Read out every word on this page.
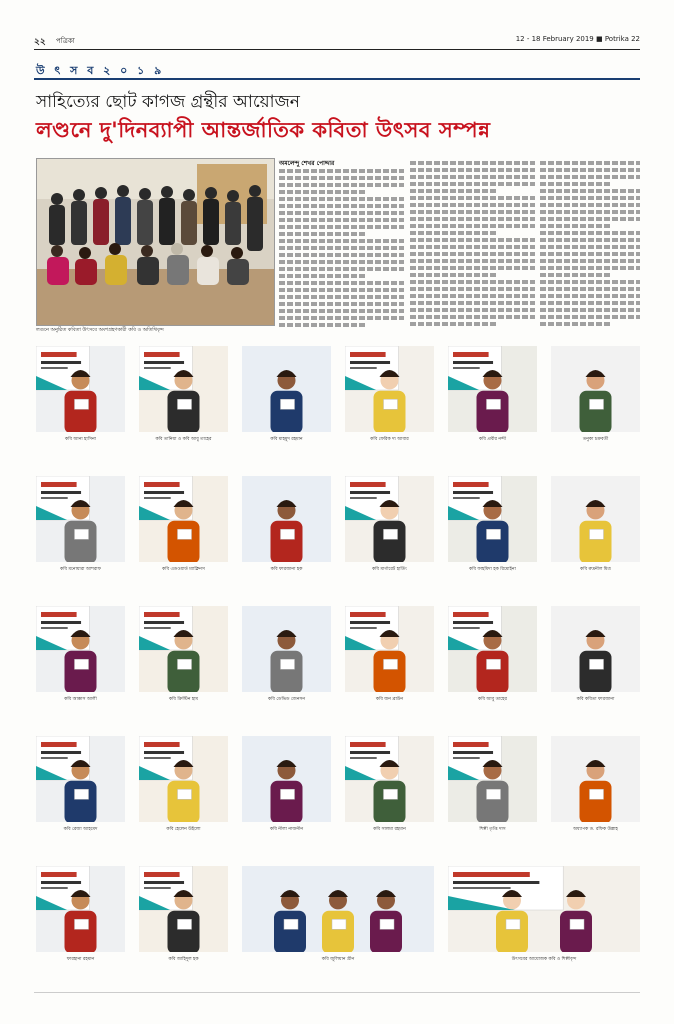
২২ পত্রিকা	12 - 18 February 2019 ■ Potrika 22
উ ৎ স ব ২ ০ ১ ৯
সাহিত্যের ছোট কাগজ গ্রন্থীর আয়োজন
লণ্ডনে দু'দিনব্যাপী আন্তর্জাতিক কবিতা উৎসব সম্পন্ন
লণ্ডনে অনুষ্ঠিত কবিতা উৎসবে অংশগ্রহণকারী কবি ও অতিথিবৃন্দ
অমলেন্দু শেখর পোদ্দার
কবি আনা হাসিনা	কবি তানিয়া ও কবি আবু তাহের	কবি মাহমুদ রহমান	কবি ফেরিক দ্য আবার	কবি প্রবীর নন্দী	তনুকা চক্রবর্তী
কবি মনোয়ারা আশরাফ	কবি এডওয়ার্ড ম্যাক্লিনস	কবি ফারজানা হক	কবি মার্গারেট হার্ডিং	কবি ফাহমিদা হক রিমোইনা	কবি রুদ্রনীল মিত্র
কবি আক্কাস আলী	কবি ক্রিস্টিন হাম	কবি ডেভিড জেনসন	কবি জন ব্রাউন	কবি আবু তাহের	কবি কবিতা ফারজানা
কবি রেজা আহমেদ	কবি হেলেন উইলো	কবি নীলা নাজনীন	কবি সালমা রহমান	শিল্পী তৃপ্তি দাস	অধ্যাপক ড. রফিক উল্লাহ
ফারহানা রহমান	কবি জাহিদুল হক	কবি জুলিয়ান গ্রীন	উৎসবের আয়োজক কবি ও শিল্পীবৃন্দ
